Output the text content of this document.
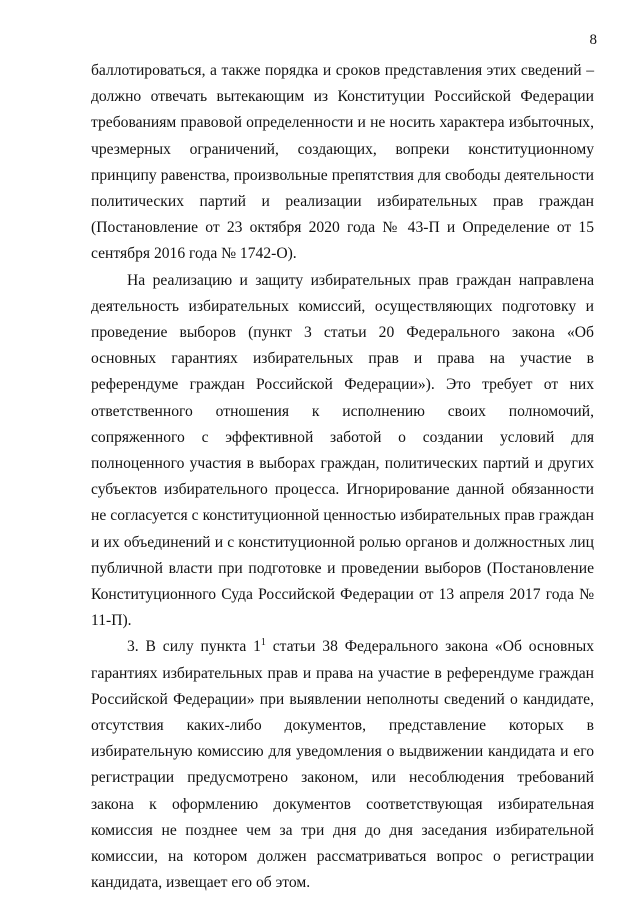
8

баллотироваться, а также порядка и сроков представления этих сведений – должно отвечать вытекающим из Конституции Российской Федерации требованиям правовой определенности и не носить характера избыточных, чрезмерных ограничений, создающих, вопреки конституционному принципу равенства, произвольные препятствия для свободы деятельности политических партий и реализации избирательных прав граждан (Постановление от 23 октября 2020 года № 43-П и Определение от 15 сентября 2016 года № 1742-О).

На реализацию и защиту избирательных прав граждан направлена деятельность избирательных комиссий, осуществляющих подготовку и проведение выборов (пункт 3 статьи 20 Федерального закона «Об основных гарантиях избирательных прав и права на участие в референдуме граждан Российской Федерации»). Это требует от них ответственного отношения к исполнению своих полномочий, сопряженного с эффективной заботой о создании условий для полноценного участия в выборах граждан, политических партий и других субъектов избирательного процесса. Игнорирование данной обязанности не согласуется с конституционной ценностью избирательных прав граждан и их объединений и с конституционной ролью органов и должностных лиц публичной власти при подготовке и проведении выборов (Постановление Конституционного Суда Российской Федерации от 13 апреля 2017 года № 11-П).

3. В силу пункта $1^1$ статьи 38 Федерального закона «Об основных гарантиях избирательных прав и права на участие в референдуме граждан Российской Федерации» при выявлении неполноты сведений о кандидате, отсутствия каких-либо документов, представление которых в избирательную комиссию для уведомления о выдвижении кандидата и его регистрации предусмотрено законом, или несоблюдения требований закона к оформлению документов соответствующая избирательная комиссия не позднее чем за три дня до дня заседания избирательной комиссии, на котором должен рассматриваться вопрос о регистрации кандидата, извещает его об этом.
